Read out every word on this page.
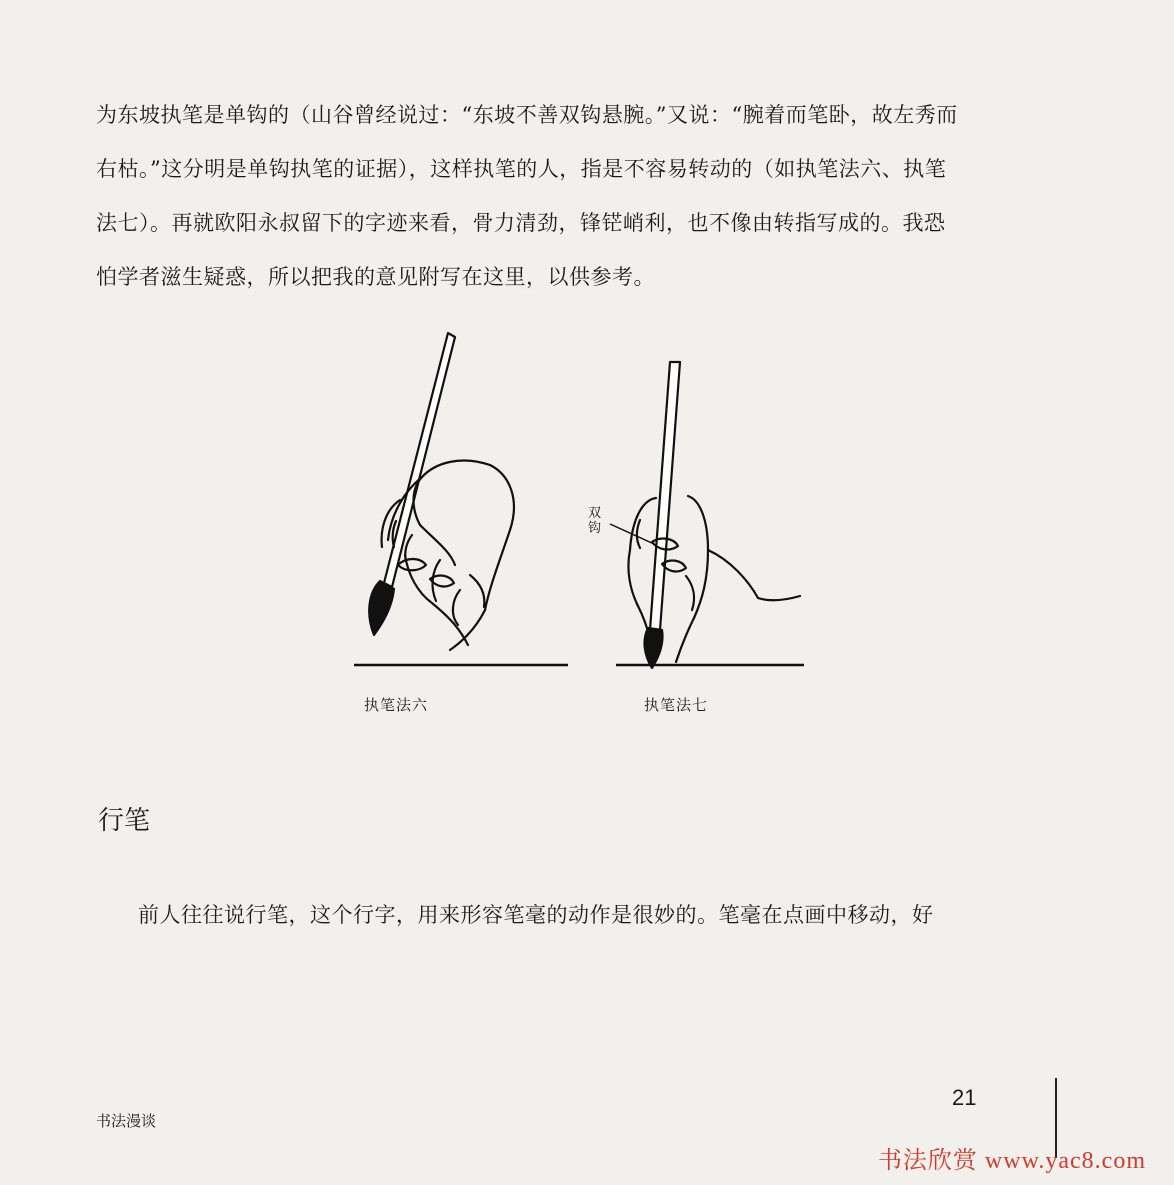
为东坡执笔是单钩的（山谷曾经说过：“东坡不善双钩悬腕。”又说：“腕着而笔卧，故左秀而
右枯。”这分明是单钩执笔的证据），这样执笔的人，指是不容易转动的（如执笔法六、执笔
法七）。再就欧阳永叔留下的字迹来看，骨力清劲，锋铓峭利，也不像由转指写成的。我恐
怕学者滋生疑惑，所以把我的意见附写在这里，以供参考。
执笔法六
双
钩
执笔法七
行笔
前人往往说行笔，这个行字，用来形容笔毫的动作是很妙的。笔毫在点画中移动，好
书法漫谈
21
书法欣赏 www.yac8.com
